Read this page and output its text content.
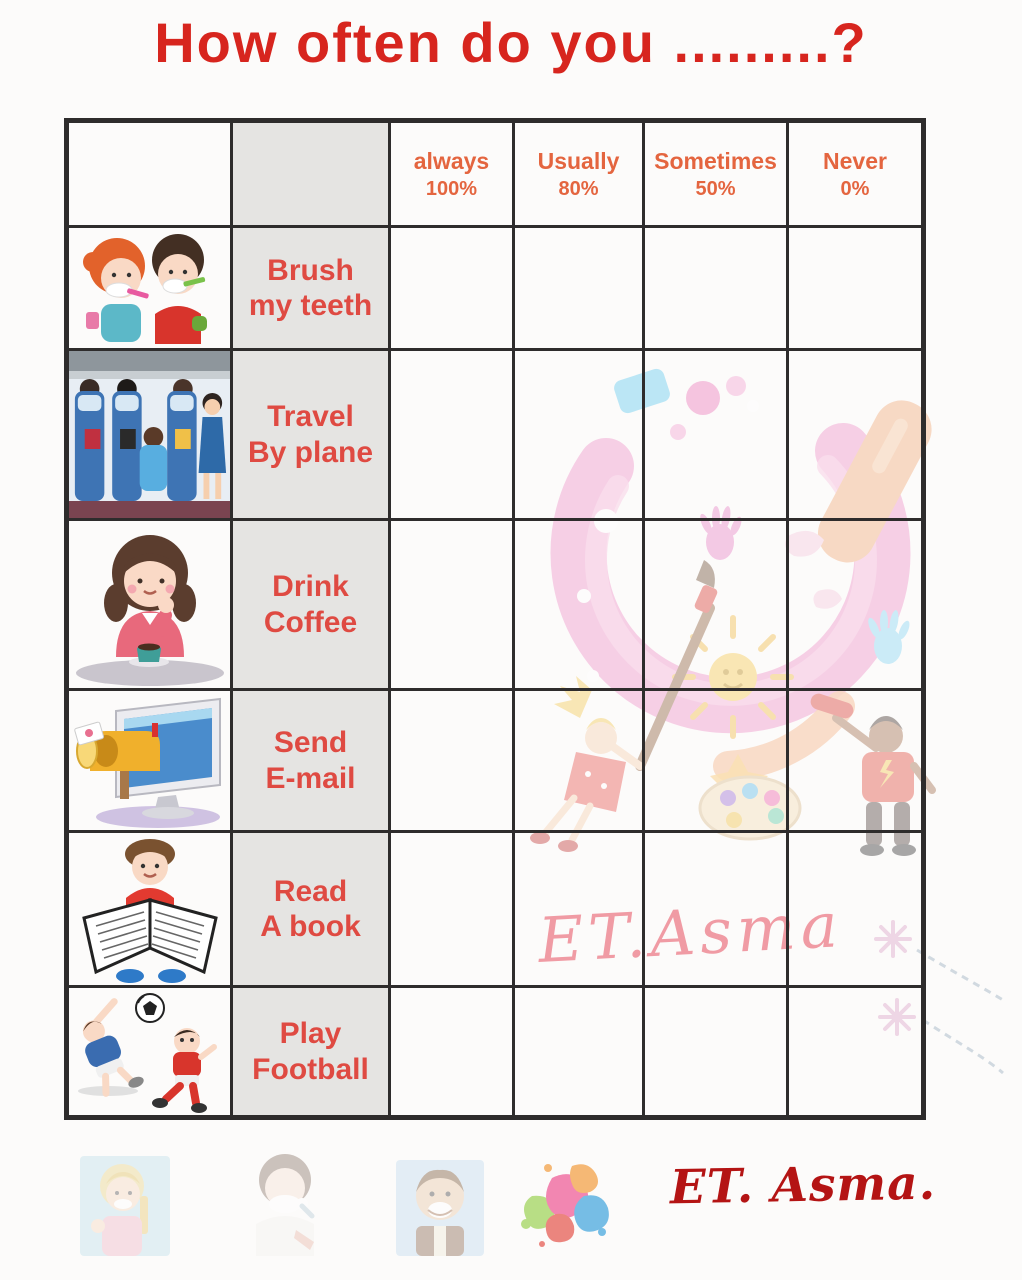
How often do you .........?
ET.Asma
always
100%
Usually
80%
Sometimes
50%
Never
0%
Brush
my teeth
Travel
By plane
Drink
Coffee
Send
E-mail
Read
A book
Play
Football
ET. Asma.
